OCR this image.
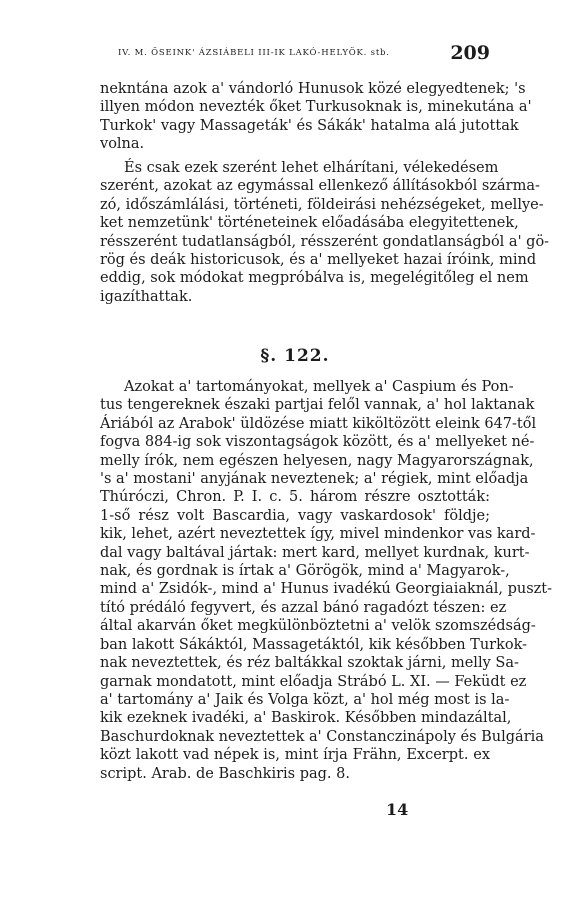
IV. M. ŐSEINK' ÁZSIÁBELI III-IK LAKÓ-HELYÖK. stb.	209
nekntána azok a' vándorló Hunusok közé elegyedtenek; 's
illyen módon nevezték őket Turkusoknak is, minekutána a'
Turkok' vagy Massageták' és Sákák' hatalma alá jutottak
volna.
És csak ezek szerént lehet elhárítani, vélekedésem
szerént, azokat az egymással ellenkező állításokból szárma-
zó, időszámlálási, történeti, földeirási nehézségeket, mellye-
ket nemzetünk' történeteinek előadásába elegyitettenek,
résszerént tudatlanságból, résszerént gondatlanságból a' gö-
rög és deák historicusok, és a' mellyeket hazai íróink, mind
eddig, sok módokat megpróbálva is, megelégitőleg el nem
igazíthattak.
§. 122.
Azokat a' tartományokat, mellyek a' Caspium és Pon-
tus tengereknek északi partjai felől vannak, a' hol laktanak
Áriából az Arabok' üldözése miatt kiköltözött eleink 647-től
fogva 884-ig sok viszontagságok között, és a' mellyeket né-
melly írók, nem egészen helyesen, nagy Magyarországnak,
's a' mostani' anyjának neveztenek; a' régiek, mint előadja
Thúróczi, Chron. P. I. c. 5. három részre osztották:
1-ső rész volt Bascardia, vagy vaskardosok' földje;
kik, lehet, azért neveztettek így, mivel mindenkor vas kard-
dal vagy baltával jártak: mert kard, mellyet kurdnak, kurt-
nak, és gordnak is írtak a' Görögök, mind a' Magyarok-,
mind a' Zsidók-, mind a' Hunus ivadékú Georgiaiaknál, puszt-
tító prédáló fegyvert, és azzal bánó ragadózt tészen: ez
által akarván őket megkülönböztetni a' velök szomszédság-
ban lakott Sákáktól, Massagetáktól, kik későbben Turkok-
nak neveztettek, és réz baltákkal szoktak járni, melly Sa-
garnak mondatott, mint előadja Strábó L. XI. — Feküdt ez
a' tartomány a' Jaik és Volga közt, a' hol még most is la-
kik ezeknek ivadéki, a' Baskirok. Későbben mindazáltal,
Baschurdoknak neveztettek a' Constanczinápoly és Bulgária
közt lakott vad népek is, mint írja Frähn, Excerpt. ex
script. Arab. de Baschkiris pag. 8.
14
